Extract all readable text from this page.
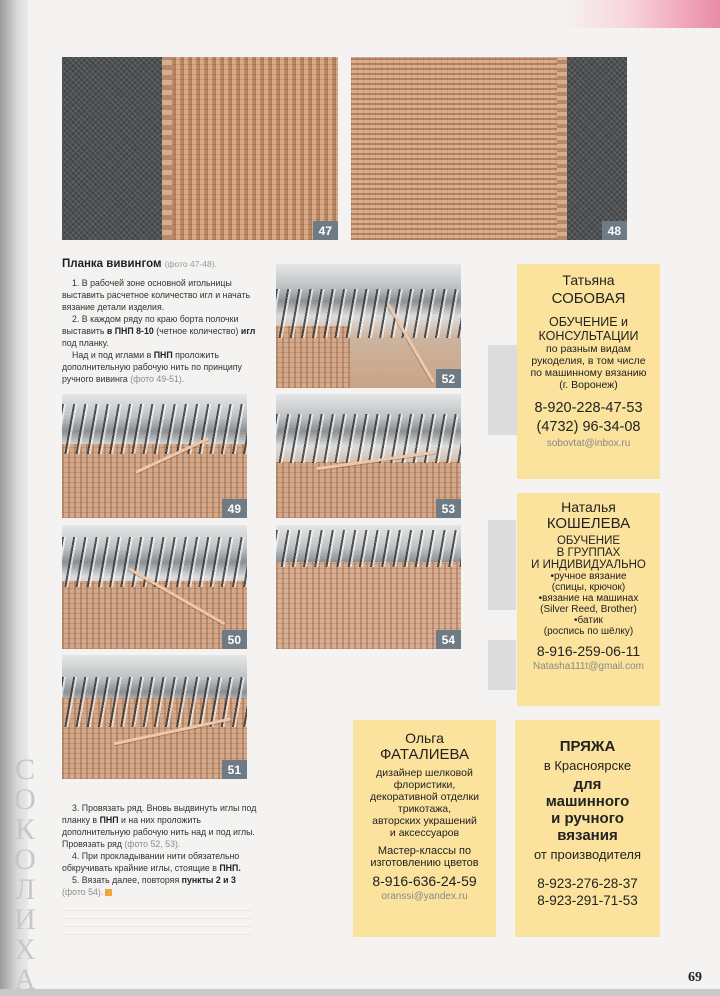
С
О
К
О
Л
И
Х
А
47	48
Планка вивингом (фото 47-48).

1. В рабочей зоне основной игольницы выставить расчетное количество игл и начать вязание детали изделия.

2. В каждом ряду по краю борта полочки выставить в ПНП 8-10 (четное количество) игл под планку.

Над и под иглами в ПНП проложить дополнительную рабочую нить по принципу ручного вивинга (фото 49-51).

49
50
51
52
53
54

3. Провязать ряд. Вновь выдвинуть иглы под планку в ПНП и на них проложить дополнительную рабочую нить над и под иглы. Провязать ряд (фото 52, 53).

4. При прокладывании нити обязательно обкручивать крайние иглы, стоящие в ПНП.

5. Вязать далее, повторяя пункты 2 и 3 (фото 54).

Татьяна
СОБОВАЯ
ОБУЧЕНИЕ и
КОНСУЛЬТАЦИИ
по разным видам
рукоделия, в том числе
по машинному вязанию
(г. Воронеж)
8-920-228-47-53
(4732) 96-34-08
sobovtat@inbox.ru
Наталья
КОШЕЛЕВА
ОБУЧЕНИЕ
В ГРУППАХ
И ИНДИВИДУАЛЬНО
•ручное вязание
(спицы, крючок)
•вязание на машинах
(Silver Reed, Brother)
•батик
(роспись по шёлку)
8-916-259-06-11
Natasha111t@gmail.com
Ольга
ФАТАЛИЕВА
дизайнер шелковой
флористики,
декоративной отделки
трикотажа,
авторских украшений
и аксессуаров
Мастер-классы по
изготовлению цветов
8-916-636-24-59
oranssi@yandex.ru
ПРЯЖА
в Красноярске
для
машинного
и ручного
вязания
от производителя
8-923-276-28-37
8-923-291-71-53
69
